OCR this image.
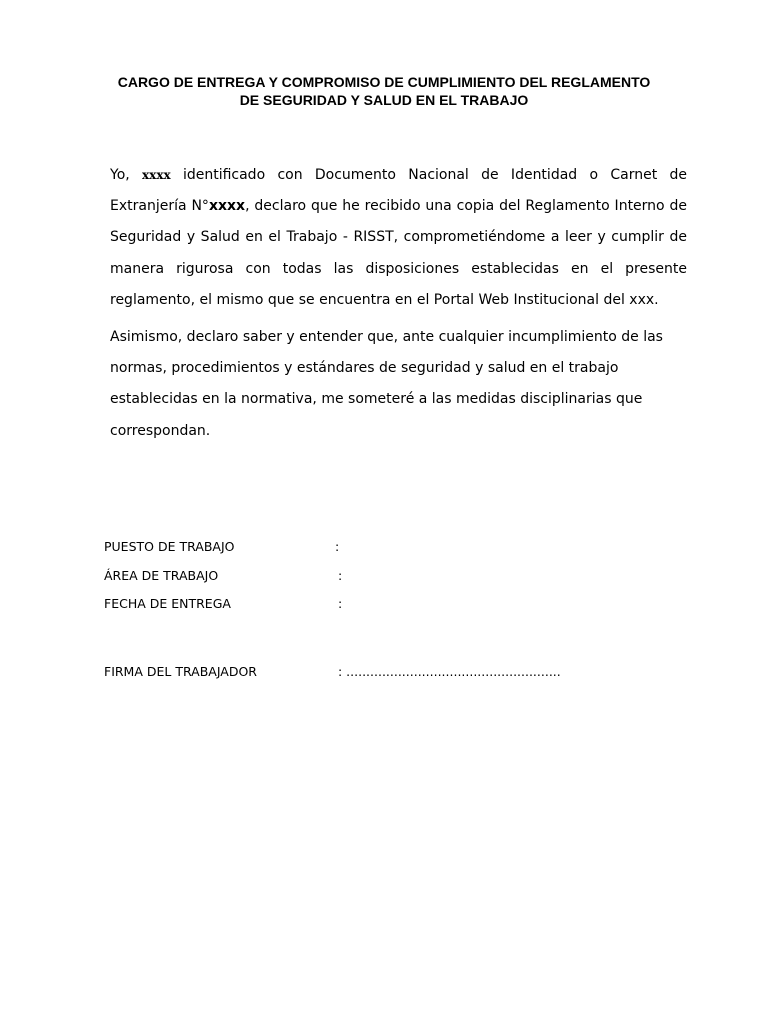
CARGO DE ENTREGA Y COMPROMISO DE CUMPLIMIENTO DEL REGLAMENTO
DE SEGURIDAD Y SALUD EN EL TRABAJO

Yo, xxxx identificado con Documento Nacional de Identidad o Carnet de Extranjería N°xxxx, declaro que he recibido una copia del Reglamento Interno de Seguridad y Salud en el Trabajo - RISST, comprometiéndome a leer y cumplir de manera rigurosa con todas las disposiciones establecidas en el presente reglamento, el mismo que se encuentra en el Portal Web Institucional del xxx.

Asimismo, declaro saber y entender que, ante cualquier incumplimiento de las normas, procedimientos y estándares de seguridad y salud en el trabajo establecidas en la normativa, me someteré a las medidas disciplinarias que correspondan.

PUESTO DE TRABAJO	:
ÁREA DE TRABAJO	:
FECHA DE ENTREGA	:
FIRMA DEL TRABAJADOR	: ......................................................
